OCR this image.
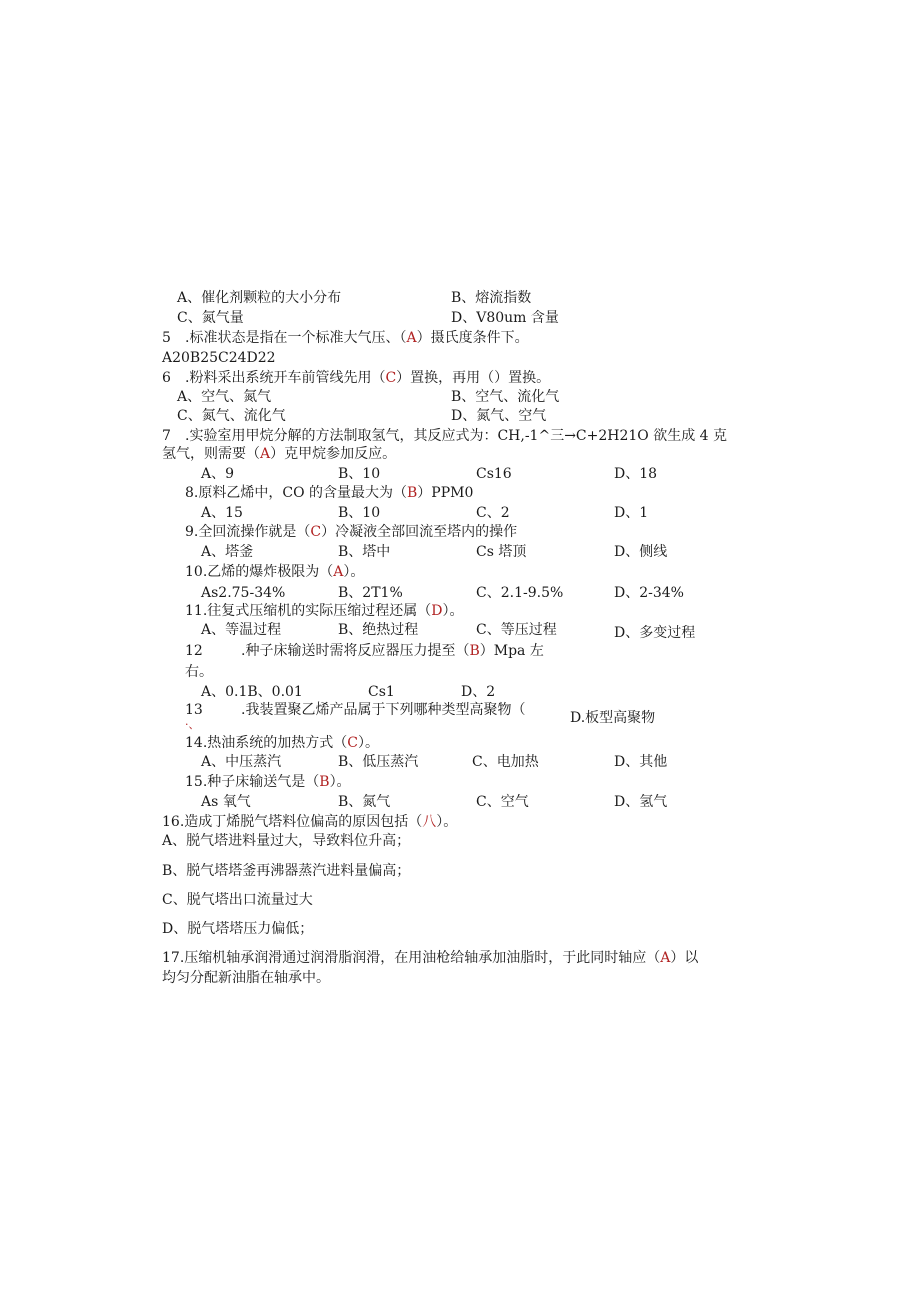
A、催化剂颗粒的大小分布	B、熔流指数
C、氮气量	D、V80um 含量
5 .标准状态是指在一个标准大气压、（A）摄氏度条件下。
A20B25C24D22
6 .粉料采出系统开车前管线先用（C）置换，再用（）置换。
A、空气、氮气	B、空气、流化气
C、氮气、流化气	D、氮气、空气
7 .实验室用甲烷分解的方法制取氢气，其反应式为：CH,-1^三→C+2H21O 欲生成 4 克
氢气，则需要（A）克甲烷参加反应。
A、9	B、10	Cs16	D、18
8.原料乙烯中，CO 的含量最大为（B）PPM0
A、15	B、10	C、2	D、1
9.全回流操作就是（C）冷凝液全部回流至塔内的操作
A、塔釜	B、塔中	Cs 塔顶	D、侧线
10.乙烯的爆炸极限为（A）。
As2.75-34%	B、2T1%	C、2.1-9.5%	D、2-34%
11.往复式压缩机的实际压缩过程还属（D）。
A、等温过程	B、绝热过程	C、等压过程	D、多变过程
12	.种子床输送时需将反应器压力提至（B）Mpa 左
右。
A、0.1B、0.01	Cs1	D、2
13	.我装置聚乙烯产品属于下列哪种类型高聚物（
·、	D.板型高聚物
14.热油系统的加热方式（C）。
A、中压蒸汽	B、低压蒸汽	C、电加热	D、其他
15.种子床输送气是（B）。
As 氧气	B、氮气	C、空气	D、氢气
16.造成丁烯脱气塔料位偏高的原因包括（八）。
A、脱气塔进料量过大，导致料位升高；
B、脱气塔塔釜再沸器蒸汽进料量偏高；
C、脱气塔出口流量过大
D、脱气塔塔压力偏低；
17.压缩机轴承润滑通过润滑脂润滑，在用油枪给轴承加油脂时，于此同时轴应（A）以
均匀分配新油脂在轴承中。
